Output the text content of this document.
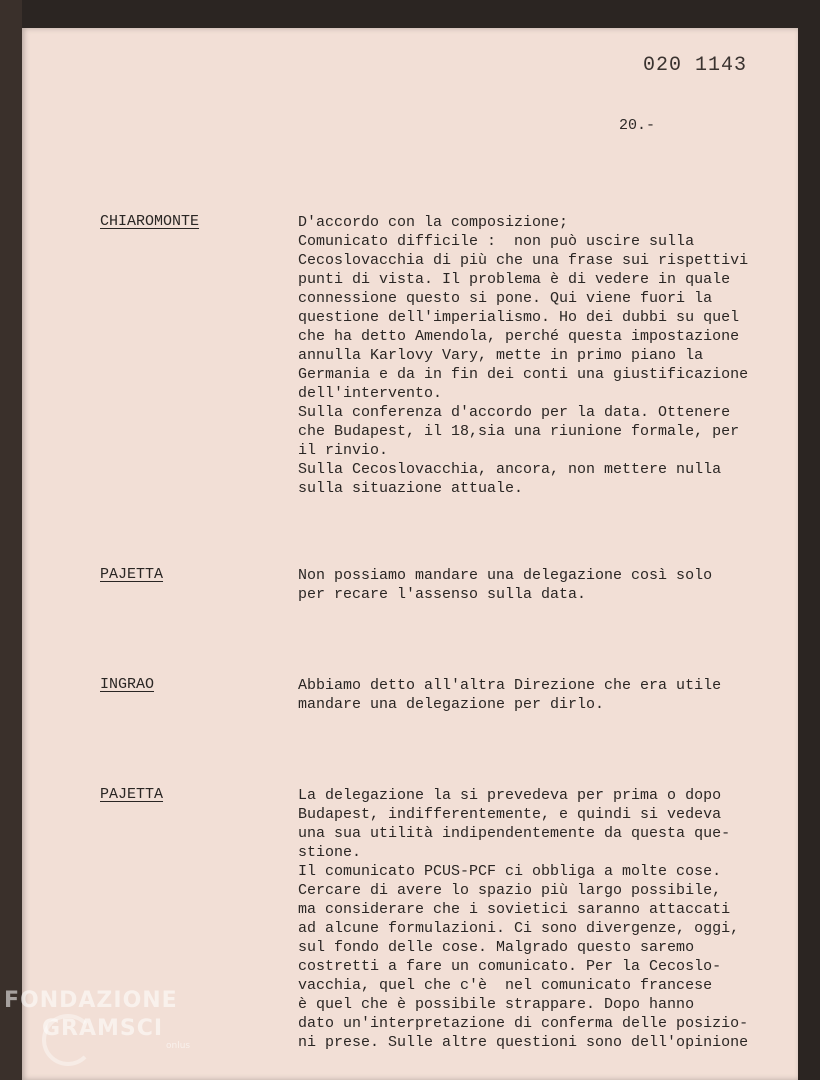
020 1143
20.-
CHIAROMONTE	D'accordo con la composizione;
Comunicato difficile :  non può uscire sulla
Cecoslovacchia di più che una frase sui rispettivi
punti di vista. Il problema è di vedere in quale
connessione questo si pone. Qui viene fuori la
questione dell'imperialismo. Ho dei dubbi su quel
che ha detto Amendola, perché questa impostazione
annulla Karlovy Vary, mette in primo piano la
Germania e da in fin dei conti una giustificazione
dell'intervento.
Sulla conferenza d'accordo per la data. Ottenere
che Budapest, il 18,sia una riunione formale, per
il rinvio.
Sulla Cecoslovacchia, ancora, non mettere nulla
sulla situazione attuale.
PAJETTA	Non possiamo mandare una delegazione così solo
per recare l'assenso sulla data.
INGRAO	Abbiamo detto all'altra Direzione che era utile
mandare una delegazione per dirlo.
PAJETTA	La delegazione la si prevedeva per prima o dopo
Budapest, indifferentemente, e quindi si vedeva
una sua utilità indipendentemente da questa que-
stione.
Il comunicato PCUS-PCF ci obbliga a molte cose.
Cercare di avere lo spazio più largo possibile,
ma considerare che i sovietici saranno attaccati
ad alcune formulazioni. Ci sono divergenze, oggi,
sul fondo delle cose. Malgrado questo saremo
costretti a fare un comunicato. Per la Cecoslo-
vacchia, quel che c'è  nel comunicato francese
è quel che è possibile strappare. Dopo hanno
dato un'interpretazione di conferma delle posizio-
ni prese. Sulle altre questioni sono dell'opinione
FONDAZIONE
GRAMSCI
onlus
